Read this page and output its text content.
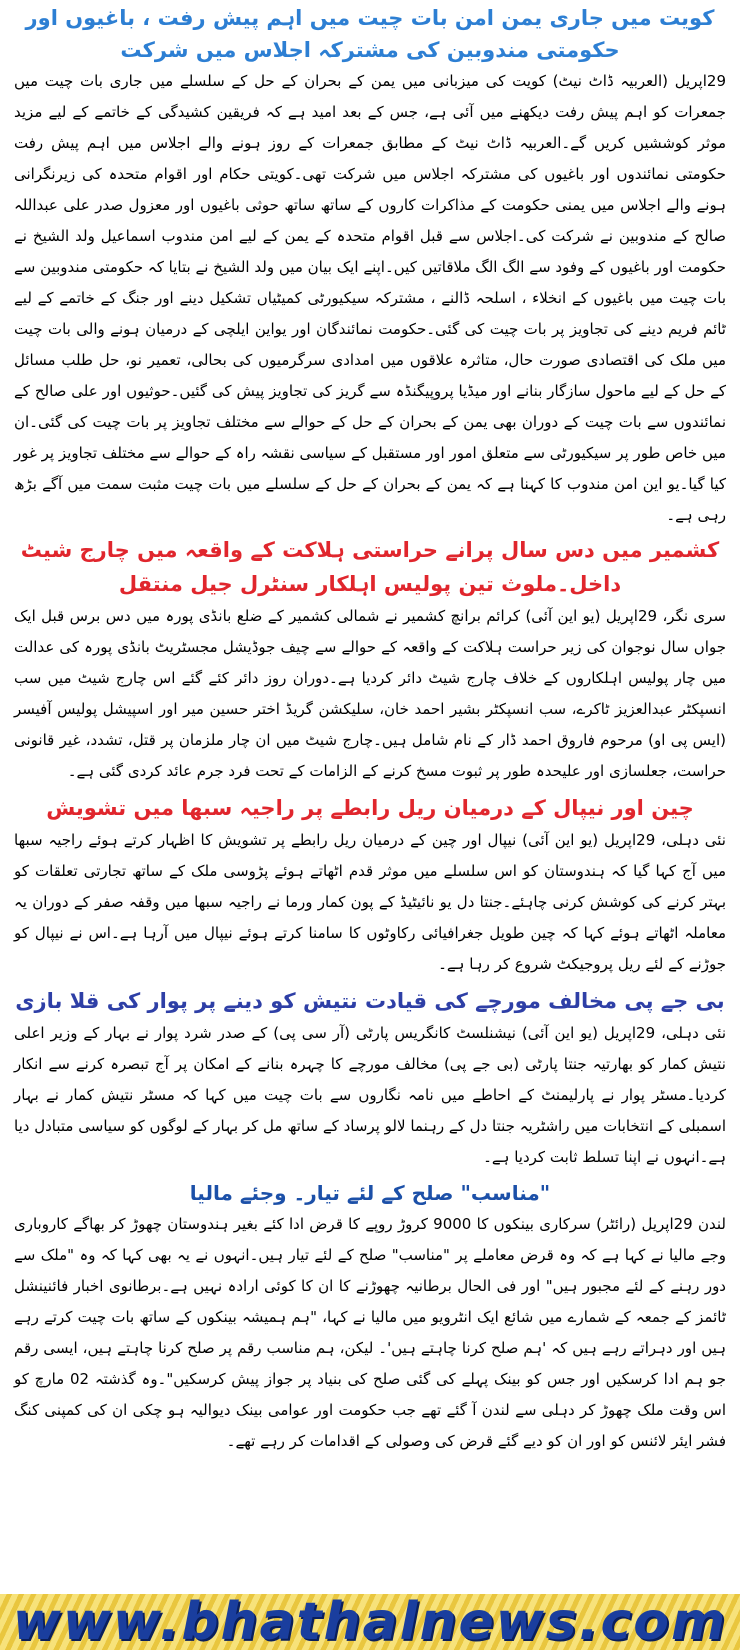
کویت میں جاری یمن امن بات چیت میں اہم پیش رفت ، باغیوں اور حکومتی مندوبین کی مشترکہ اجلاس میں شرکت

29اپریل (العربیہ ڈاٹ نیٹ) کویت کی میزبانی میں یمن کے بحران کے حل کے سلسلے میں جاری بات چیت میں جمعرات کو اہم پیش رفت دیکھنے میں آئی ہے، جس کے بعد امید ہے کہ فریقین کشیدگی کے خاتمے کے لیے مزید موثر کوششیں کریں گے۔العربیہ ڈاٹ نیٹ کے مطابق جمعرات کے روز ہونے والے اجلاس میں اہم پیش رفت حکومتی نمائندوں اور باغیوں کی مشترکہ اجلاس میں شرکت تھی۔کویتی حکام اور اقوام متحدہ کی زیرنگرانی ہونے والے اجلاس میں یمنی حکومت کے مذاکرات کاروں کے ساتھ ساتھ حوثی باغیوں اور معزول صدر علی عبداللہ صالح کے مندوبین نے شرکت کی۔اجلاس سے قبل اقوام متحدہ کے یمن کے لیے امن مندوب اسماعیل ولد الشیخ نے حکومت اور باغیوں کے وفود سے الگ الگ ملاقاتیں کیں۔اپنے ایک بیان میں ولد الشیخ نے بتایا کہ حکومتی مندوبین سے بات چیت میں باغیوں کے انخلاء ، اسلحہ ڈالنے ، مشترکہ سیکیورٹی کمیٹیاں تشکیل دینے اور جنگ کے خاتمے کے لیے ٹائم فریم دینے کی تجاویز پر بات چیت کی گئی۔حکومت نمائندگان اور یواین ایلچی کے درمیان ہونے والی بات چیت میں ملک کی اقتصادی صورت حال، متاثرہ علاقوں میں امدادی سرگرمیوں کی بحالی، تعمیر نو، حل طلب مسائل کے حل کے لیے ماحول سازگار بنانے اور میڈیا پروپیگنڈہ سے گریز کی تجاویز پیش کی گئیں۔حوثیوں اور علی صالح کے نمائندوں سے بات چیت کے دوران بھی یمن کے بحران کے حل کے حوالے سے مختلف تجاویز پر بات چیت کی گئی۔ان میں خاص طور پر سیکیورٹی سے متعلق امور اور مستقبل کے سیاسی نقشہ راہ کے حوالے سے مختلف تجاویز پر غور کیا گیا۔یو این امن مندوب کا کہنا ہے کہ یمن کے بحران کے حل کے سلسلے میں بات چیت مثبت سمت میں آگے بڑھ رہی ہے۔

کشمیر میں دس سال پرانے حراستی ہلاکت کے واقعہ میں چارج شیٹ داخل۔ملوث تین پولیس اہلکار سنٹرل جیل منتقل

سری نگر، 29اپریل (یو این آئی) کرائم برانچ کشمیر نے شمالی کشمیر کے ضلع بانڈی پورہ میں دس برس قبل ایک جواں سال نوجوان کی زیر حراست ہلاکت کے واقعہ کے حوالے سے چیف جوڈیشل مجسٹریٹ بانڈی پورہ کی عدالت میں چار پولیس اہلکاروں کے خلاف چارج شیٹ دائر کردیا ہے۔دوران روز دائر کئے گئے اس چارج شیٹ میں سب انسپکٹر عبدالعزیز ٹاکرے، سب انسپکٹر بشیر احمد خان، سلیکشن گریڈ اختر حسین میر اور اسپیشل پولیس آفیسر (ایس پی او) مرحوم فاروق احمد ڈار کے نام شامل ہیں۔چارج شیٹ میں ان چار ملزمان پر قتل، تشدد، غیر قانونی حراست، جعلسازی اور علیحدہ طور پر ثبوت مسخ کرنے کے الزامات کے تحت فرد جرم عائد کردی گئی ہے۔

چین اور نیپال کے درمیان ریل رابطے پر راجیہ سبھا میں تشویش

نئی دہلی، 29اپریل (یو این آئی) نیپال اور چین کے درمیان ریل رابطے پر تشویش کا اظہار کرتے ہوئے راجیہ سبھا میں آج کہا گیا کہ ہندوستان کو اس سلسلے میں موثر قدم اٹھاتے ہوئے پڑوسی ملک کے ساتھ تجارتی تعلقات کو بہتر کرنے کی کوشش کرنی چاہئے۔جنتا دل یو نائیٹیڈ کے پون کمار ورما نے راجیہ سبھا میں وقفہ صفر کے دوران یہ معاملہ اٹھاتے ہوئے کہا کہ چین طویل جغرافیائی رکاوٹوں کا سامنا کرتے ہوئے نیپال میں آرہا ہے۔اس نے نیپال کو جوڑنے کے لئے ریل پروجیکٹ شروع کر رہا ہے۔

بی جے پی مخالف مورچے کی قیادت نتیش کو دینے پر پوار کی قلا بازی

نئی دہلی، 29اپریل (یو این آئی) نیشنلسٹ کانگریس پارٹی (آر سی پی) کے صدر شرد پوار نے بہار کے وزیر اعلی نتیش کمار کو بھارتیہ جنتا پارٹی (بی جے پی) مخالف مورچے کا چہرہ بنانے کے امکان پر آج تبصرہ کرنے سے انکار کردیا۔مسٹر پوار نے پارلیمنٹ کے احاطے میں نامہ نگاروں سے بات چیت میں کہا کہ مسٹر نتیش کمار نے بہار اسمبلی کے انتخابات میں راشٹریہ جنتا دل کے رہنما لالو پرساد کے ساتھ مل کر بہار کے لوگوں کو سیاسی متبادل دیا ہے۔انہوں نے اپنا تسلط ثابت کردیا ہے۔

"مناسب" صلح کے لئے تیار۔ وجئے مالیا

لندن 29اپریل (رائٹر) سرکاری بینکوں کا 9000 کروڑ روپے کا قرض ادا کئے بغیر ہندوستان چھوڑ کر بھاگے کاروباری وجے مالیا نے کہا ہے کہ وہ قرض معاملے پر "مناسب" صلح کے لئے تیار ہیں۔انہوں نے یہ بھی کہا کہ وہ "ملک سے دور رہنے کے لئے مجبور ہیں" اور فی الحال برطانیہ چھوڑنے کا ان کا کوئی ارادہ نہیں ہے۔برطانوی اخبار فائنینشل ٹائمز کے جمعہ کے شمارے میں شائع ایک انٹرویو میں مالیا نے کہا، "ہم ہمیشہ بینکوں کے ساتھ بات چیت کرتے رہے ہیں اور دہراتے رہے ہیں کہ 'ہم صلح کرنا چاہتے ہیں'۔ لیکن، ہم مناسب رقم پر صلح کرنا چاہتے ہیں، ایسی رقم جو ہم ادا کرسکیں اور جس کو بینک پہلے کی گئی صلح کی بنیاد پر جواز پیش کرسکیں"۔وہ گذشتہ 02 مارچ کو اس وقت ملک چھوڑ کر دہلی سے لندن آ گئے تھے جب حکومت اور عوامی بینک دیوالیہ ہو چکی ان کی کمپنی کنگ فشر ایئر لائنس کو اور ان کو دیے گئے قرض کی وصولی کے اقدامات کر رہے تھے۔

www.bhathalnews.com
